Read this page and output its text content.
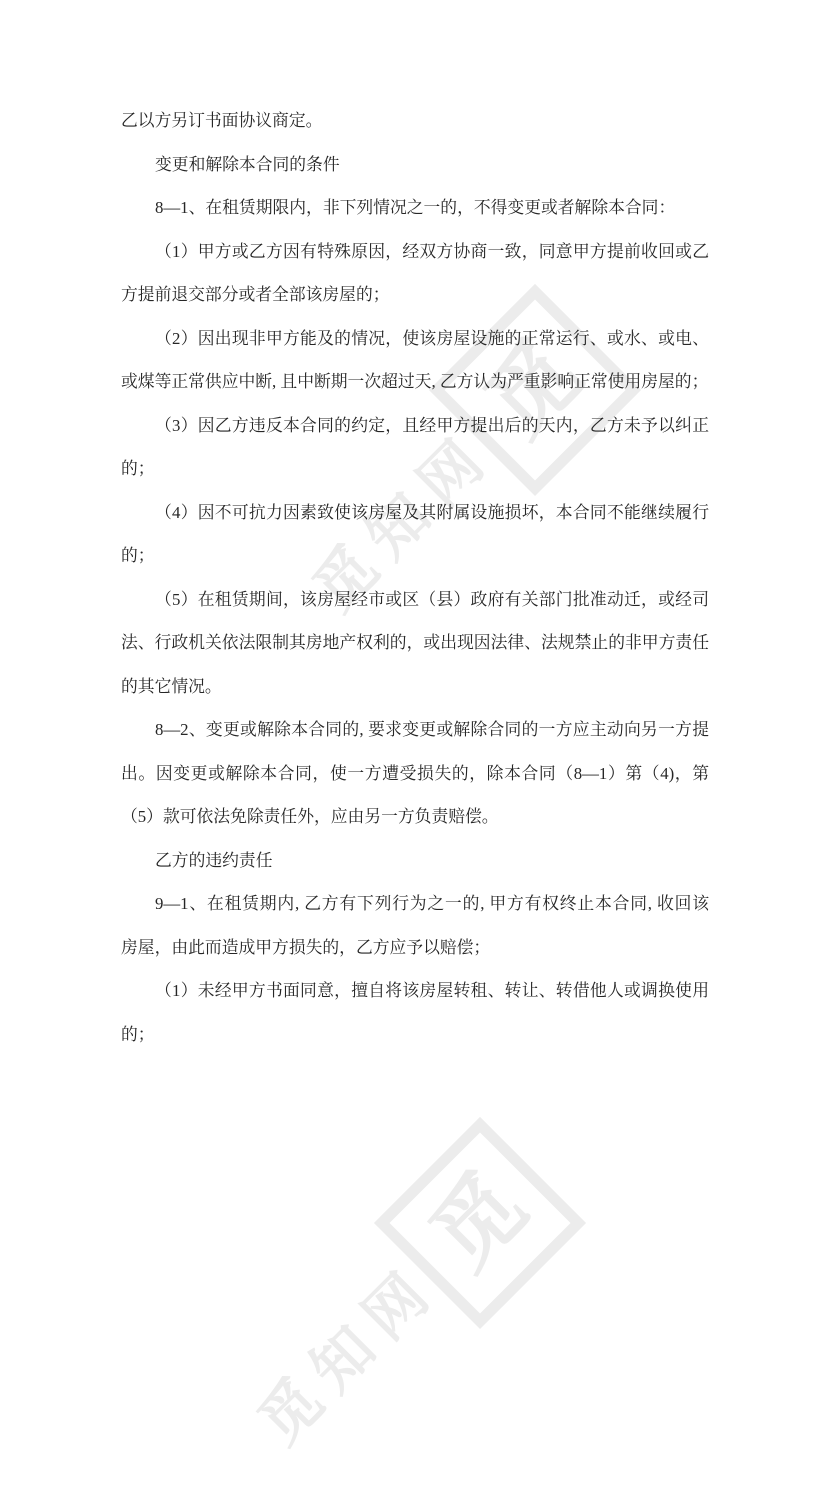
觅
知
网
觅
觅
知
网
觅
乙以方另订书面协议商定。
变更和解除本合同的条件
8—1、在租赁期限内，非下列情况之一的，不得变更或者解除本合同：
（1）甲方或乙方因有特殊原因，经双方协商一致，同意甲方提前收回或乙
方提前退交部分或者全部该房屋的；
（2）因出现非甲方能及的情况，使该房屋设施的正常运行、或水、或电、
或煤等正常供应中断, 且中断期一次超过天, 乙方认为严重影响正常使用房屋的；
（3）因乙方违反本合同的约定，且经甲方提出后的天内，乙方未予以纠正
的；
（4）因不可抗力因素致使该房屋及其附属设施损坏，本合同不能继续履行
的；
（5）在租赁期间，该房屋经市或区（县）政府有关部门批准动迁，或经司
法、行政机关依法限制其房地产权利的，或出现因法律、法规禁止的非甲方责任
的其它情况。
8—2、变更或解除本合同的, 要求变更或解除合同的一方应主动向另一方提
出。因变更或解除本合同，使一方遭受损失的，除本合同（8—1）第（4)，第
（5）款可依法免除责任外，应由另一方负责赔偿。
乙方的违约责任
9—1、在租赁期内, 乙方有下列行为之一的, 甲方有权终止本合同, 收回该
房屋，由此而造成甲方损失的，乙方应予以赔偿；
（1）未经甲方书面同意，擅自将该房屋转租、转让、转借他人或调换使用
的；
